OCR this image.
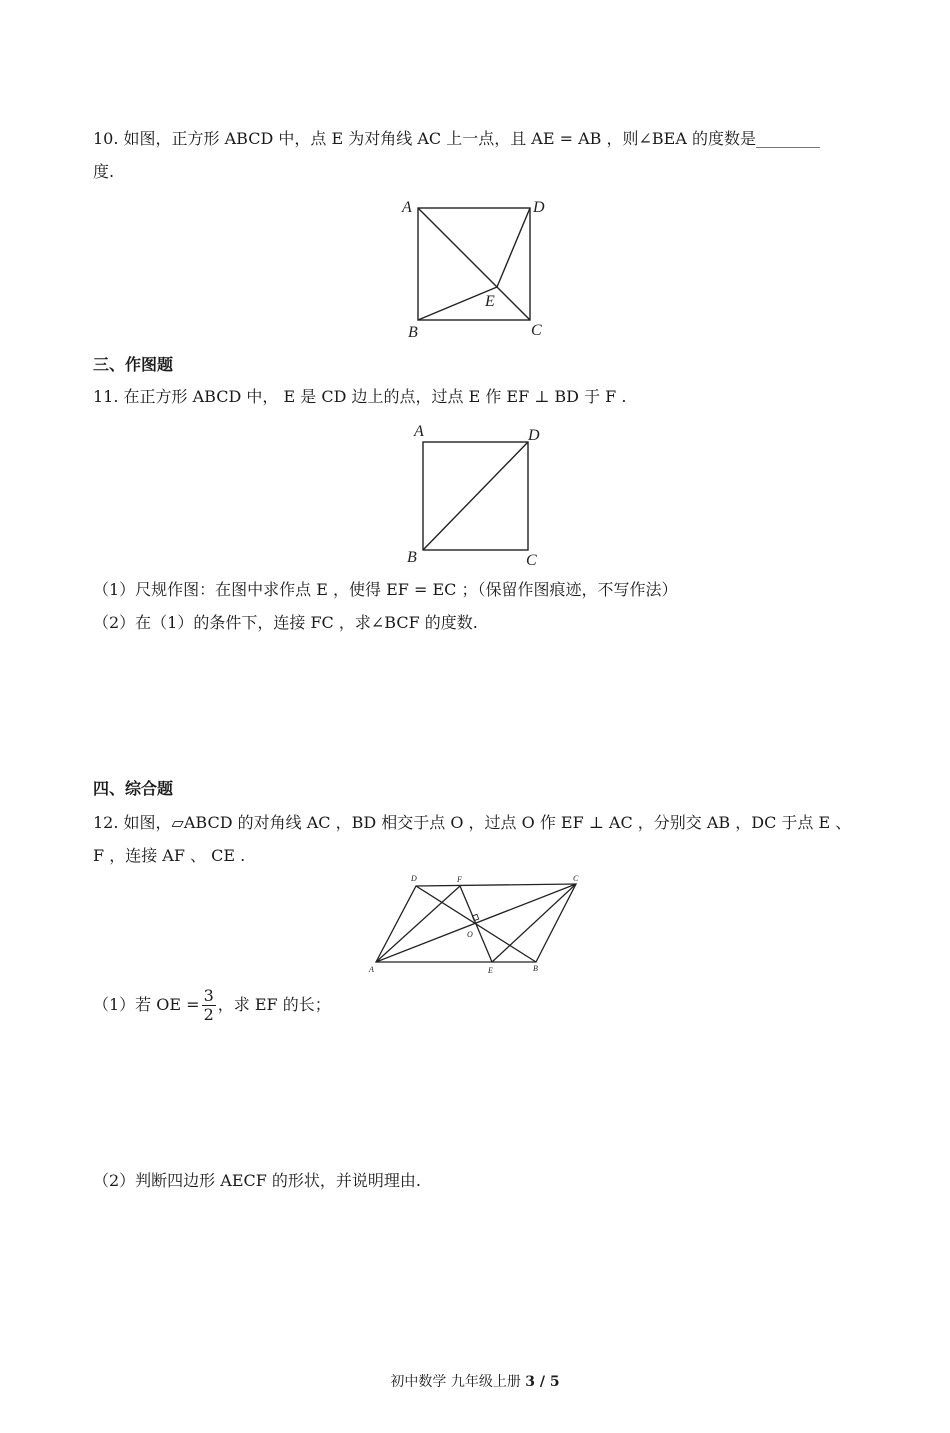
10. 如图，正方形 ABCD 中，点 E 为对角线 AC 上一点，且 AE = AB ，则∠BEA 的度数是________
度.
A	D
B	C
E
三、作图题
11. 在正方形 ABCD 中， E 是 CD 边上的点，过点 E 作 EF ⊥ BD 于 F .
A	D
B	C
（1）尺规作图：在图中求作点 E ，使得 EF = EC ；（保留作图痕迹，不写作法）
（2）在（1）的条件下，连接 FC ，求∠BCF 的度数.
四、综合题
12. 如图，▱ABCD 的对角线 AC ，BD 相交于点 O ，过点 O 作 EF ⊥ AC ，分别交 AB ，DC 于点 E 、
F ，连接 AF 、 CE .
D	F	C
O
A	E	B
（1）若 OE = $\frac{3}{2}$ ，求 EF 的长；
（2）判断四边形 AECF 的形状，并说明理由.
初中数学 九年级上册 3 / 5
